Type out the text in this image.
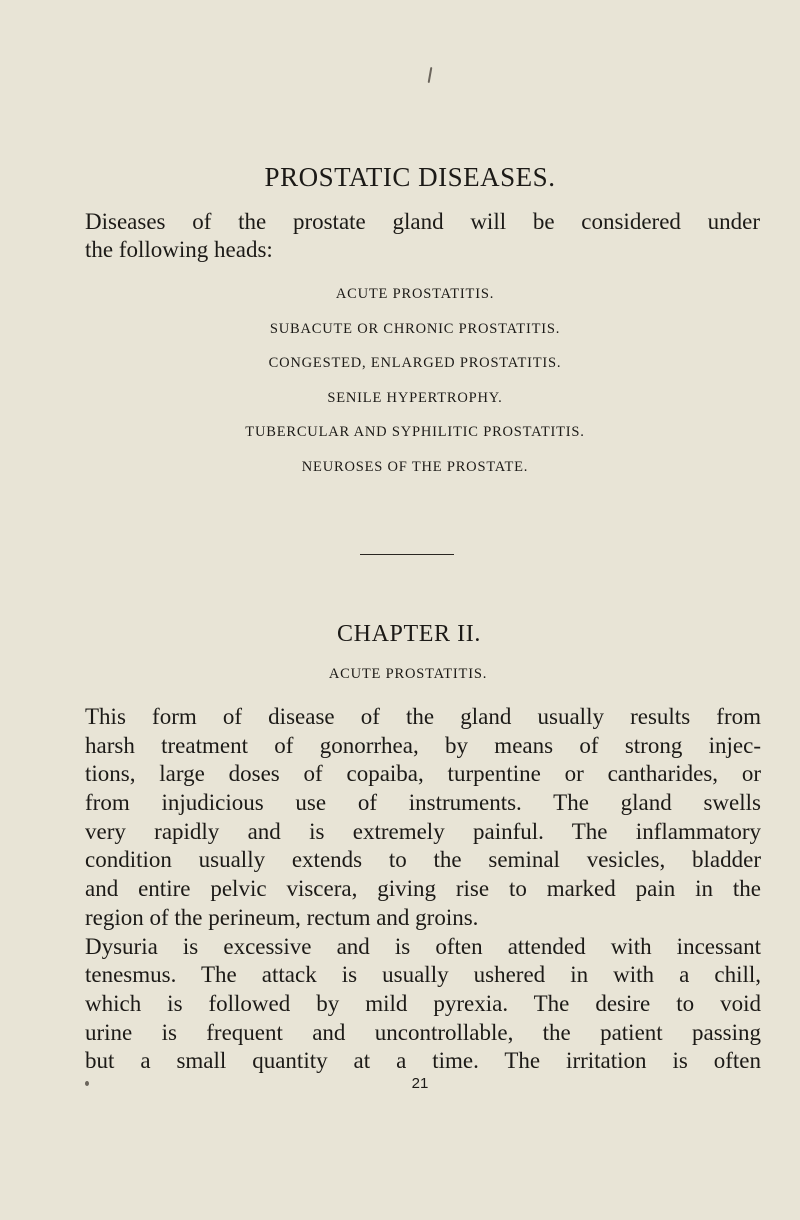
PROSTATIC DISEASES.
Diseases of the prostate gland will be considered under
the following heads:
ACUTE PROSTATITIS.
SUBACUTE OR CHRONIC PROSTATITIS.
CONGESTED, ENLARGED PROSTATITIS.
SENILE HYPERTROPHY.
TUBERCULAR AND SYPHILITIC PROSTATITIS.
NEUROSES OF THE PROSTATE.
CHAPTER II.
ACUTE PROSTATITIS.
This form of disease of the gland usually results from
harsh treatment of gonorrhea, by means of strong injec-
tions, large doses of copaiba, turpentine or cantharides, or
from injudicious use of instruments. The gland swells
very rapidly and is extremely painful. The inflammatory
condition usually extends to the seminal vesicles, bladder
and entire pelvic viscera, giving rise to marked pain in the
region of the perineum, rectum and groins.
Dysuria is excessive and is often attended with incessant
tenesmus. The attack is usually ushered in with a chill,
which is followed by mild pyrexia. The desire to void
urine is frequent and uncontrollable, the patient passing
but a small quantity at a time. The irritation is often
21
